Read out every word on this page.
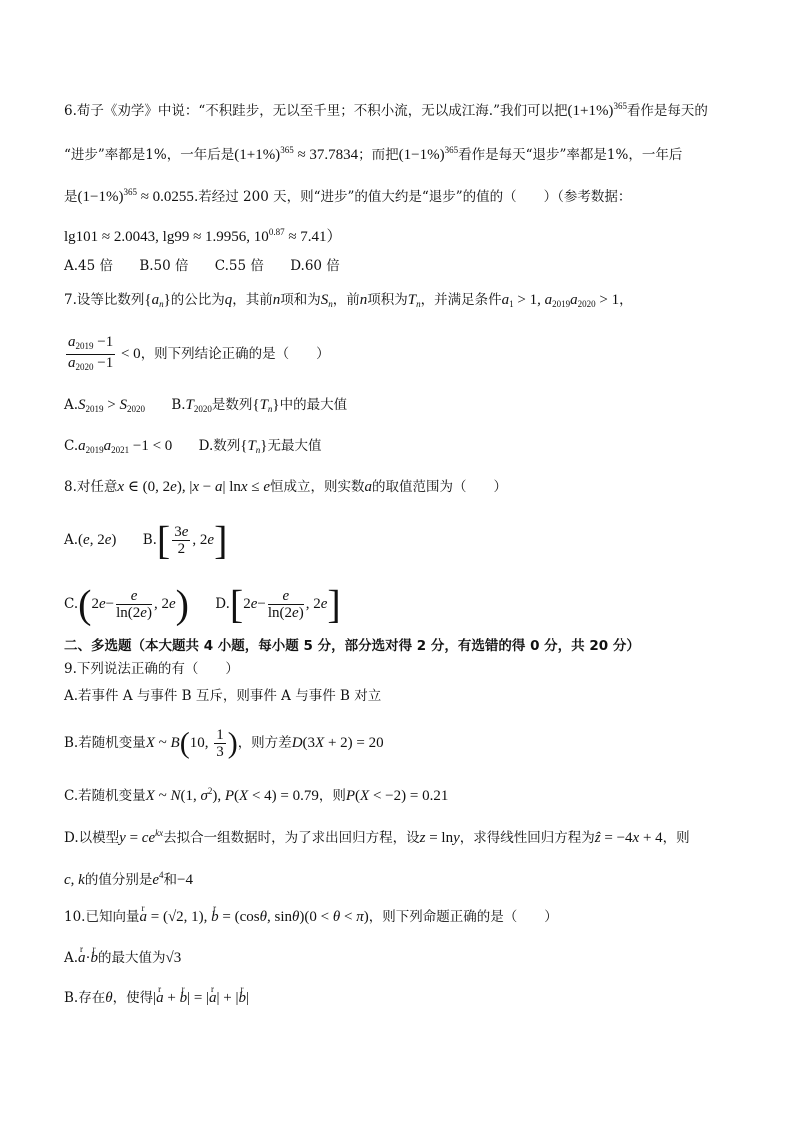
6.荀子《劝学》中说：“不积跬步，无以至千里；不积小流，无以成江海.”我们可以把$(1+1\%)^{365}$看作是每天的
“进步”率都是1%，一年后是$(1+1\%)^{365} \approx 37.7834$；而把$(1-1\%)^{365}$看作是每天“退步”率都是1%，一年后
是$(1-1\%)^{365} \approx 0.0255$.若经过 200 天，则“进步”的值大约是“退步”的值的（　　）（参考数据：
lg101 ≈ 2.0043, lg99 ≈ 1.9956, $10^{0.87} \approx 7.41$）
A.45 倍 B.50 倍 C.55 倍 D.60 倍
7.设等比数列$\{a_n\}$的公比为q，其前n项和为$S_n$，前n项积为$T_n$，并满足条件$a_1 > 1$, $a_{2019}a_{2020} > 1$，
$\frac{a_{2019} -1}{a_{2020} -1} < 0$，则下列结论正确的是（　　）
$A.S_{2019} > S_{2020}$ $B.T_{2020}$是数列$\{T_n\}$中的最大值
$C.a_{2019}a_{2021} -1 < 0$ D.数列$\{T_n\}$无最大值
8.对任意x ∈ (0, 2e), |x − a| lnx ≤ e恒成立，则实数a的取值范围为（　　）
A.(e, 2e) $B.[ \frac{3e}{2}$ , 2e]
$C.(2e- \frac{e}{\ln(2e)}$ , 2e) $D.[2e- \frac{e}{\ln(2e)}$ , 2e]
二、多选题（本大题共 4 小题，每小题 5 分，部分选对得 2 分，有选错的得 0 分，共 20 分）
9.下列说法正确的有（　　）
A.若事件 A 与事件 B 互斥，则事件 A 与事件 B 对立
B.若随机变量X ~ B(10, $\frac{1}{3}$ )，则方差D(3X + 2) = 20
C.若随机变量X ~ N(1, $\sigma^2$), P(X < 4) = 0.79，则P(X < −2) = 0.21
D.以模型$y = ce^{kx}$去拟合一组数据时，为了求出回归方程，设z = lny，求得线性回归方程为ẑ = −4x + 4，则
c, k的值分别是$e^4$和−4
10.已知向量r a = (√2, 1), r b = (cosθ, sinθ)(0 < θ < π)，则下列命题正确的是（　　）
A.r a·r b的最大值为√3
B.存在θ，使得|r a + r b| = |r a| + |r b|
